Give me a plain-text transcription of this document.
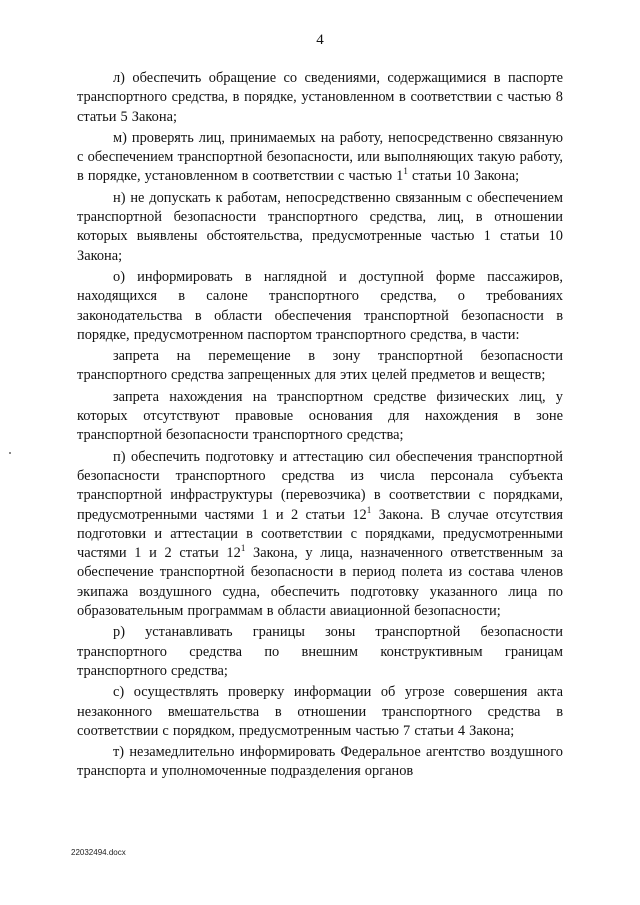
4

л) обеспечить обращение со сведениями, содержащимися в паспорте транспортного средства, в порядке, установленном в соответствии с частью 8 статьи 5 Закона;

м) проверять лиц, принимаемых на работу, непосредственно связанную с обеспечением транспортной безопасности, или выполняющих такую работу, в порядке, установленном в соответствии с частью $1^1$ статьи 10 Закона;

н) не допускать к работам, непосредственно связанным с обеспечением транспортной безопасности транспортного средства, лиц, в отношении которых выявлены обстоятельства, предусмотренные частью 1 статьи 10 Закона;

о) информировать в наглядной и доступной форме пассажиров, находящихся в салоне транспортного средства, о требованиях законодательства в области обеспечения транспортной безопасности в порядке, предусмотренном паспортом транспортного средства, в части:

запрета на перемещение в зону транспортной безопасности транспортного средства запрещенных для этих целей предметов и веществ;

запрета нахождения на транспортном средстве физических лиц, у которых отсутствуют правовые основания для нахождения в зоне транспортной безопасности транспортного средства;

п) обеспечить подготовку и аттестацию сил обеспечения транспортной безопасности транспортного средства из числа персонала субъекта транспортной инфраструктуры (перевозчика) в соответствии с порядками, предусмотренными частями 1 и 2 статьи $12^1$ Закона. В случае отсутствия подготовки и аттестации в соответствии с порядками, предусмотренными частями 1 и 2 статьи $12^1$ Закона, у лица, назначенного ответственным за обеспечение транспортной безопасности в период полета из состава членов экипажа воздушного судна, обеспечить подготовку указанного лица по образовательным программам в области авиационной безопасности;

р) устанавливать границы зоны транспортной безопасности транспортного средства по внешним конструктивным границам транспортного средства;

с) осуществлять проверку информации об угрозе совершения акта незаконного вмешательства в отношении транспортного средства в соответствии с порядком, предусмотренным частью 7 статьи 4 Закона;

т) незамедлительно информировать Федеральное агентство воздушного транспорта и уполномоченные подразделения органов

22032494.docx
